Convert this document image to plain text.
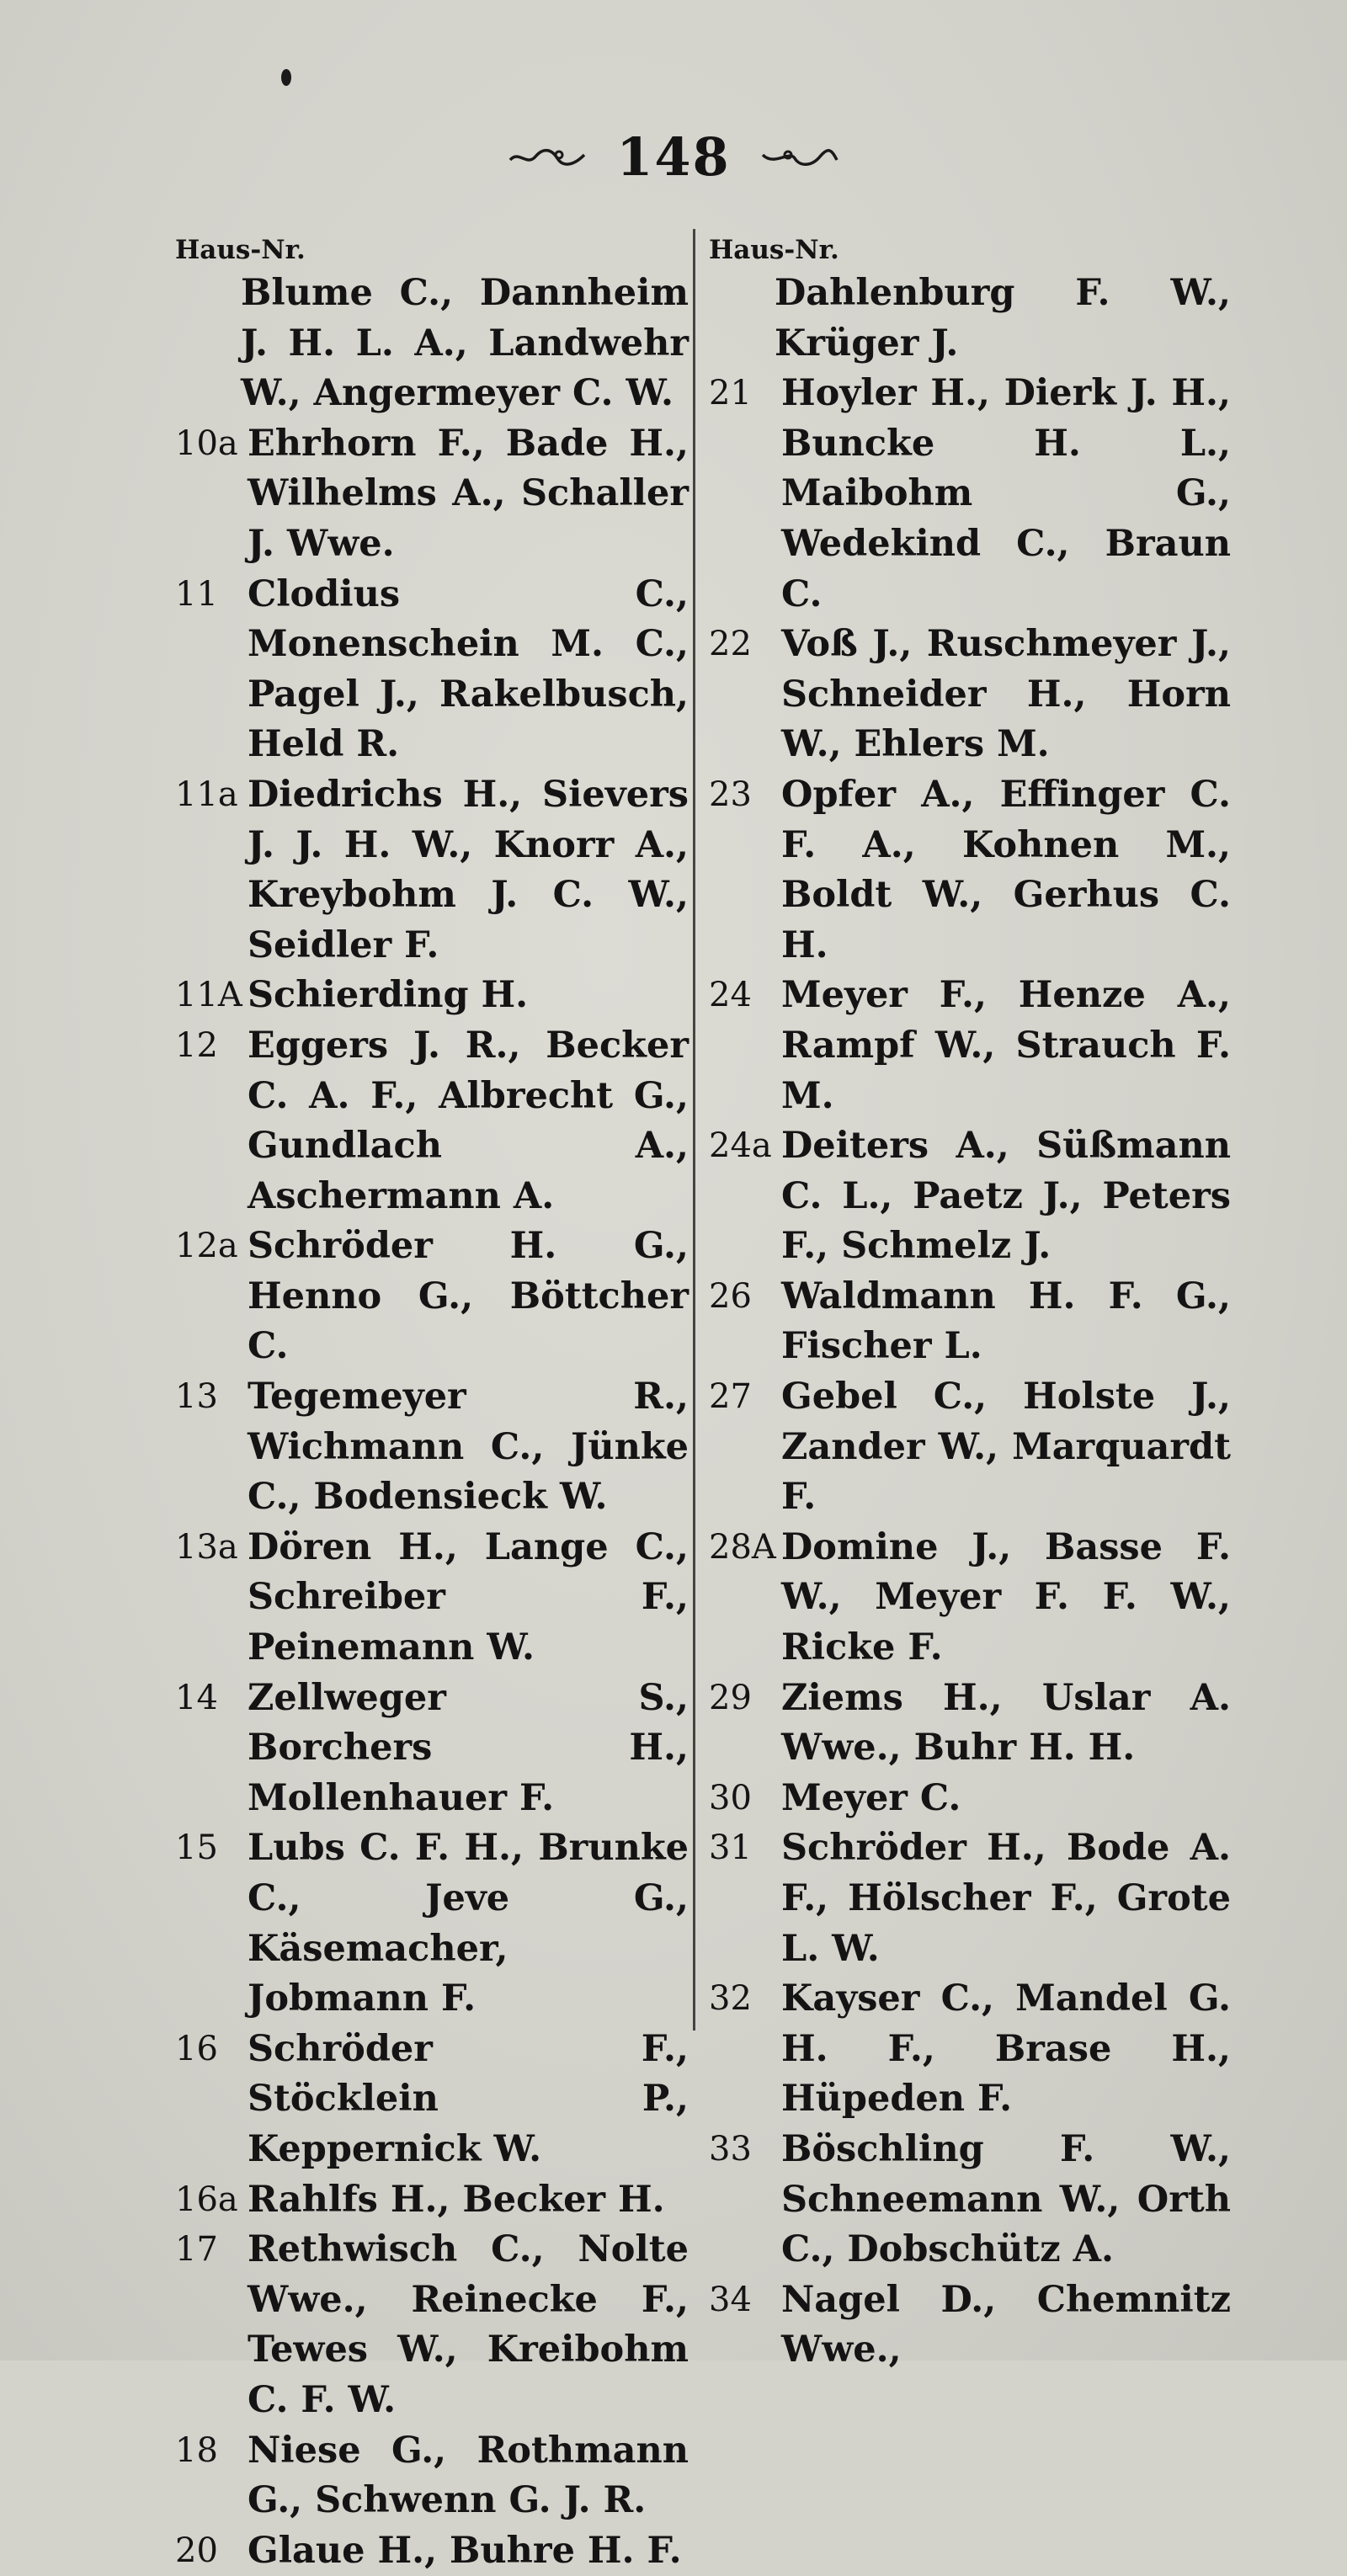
148
Haus-Nr.
Blume C., Dannheim J. H. L. A., Landwehr W., Angermeyer C. W.
10a Ehrhorn F., Bade H., Wilhelms A., Schaller J. Wwe.
11 Clodius C., Monenschein M. C., Pagel J., Rakelbusch, Held R.
11a Diedrichs H., Sievers J. J. H. W., Knorr A., Kreybohm J. C. W., Seidler F.
11A Schierding H.
12 Eggers J. R., Becker C. A. F., Albrecht G., Gundlach A., Aschermann A.
12a Schröder H. G., Henno G., Böttcher C.
13 Tegemeyer R., Wichmann C., Jünke C., Bodensieck W.
13a Dören H., Lange C., Schreiber F., Peinemann W.
14 Zellweger S., Borchers H., Mollenhauer F.
15 Lubs C. F. H., Brunke C., Jeve G., Käsemacher, Jobmann F.
16 Schröder F., Stöcklein P., Keppernick W.
16a Rahlfs H., Becker H.
17 Rethwisch C., Nolte Wwe., Reinecke F., Tewes W., Kreibohm C. F. W.
18 Niese G., Rothmann G., Schwenn G. J. R.
20 Glaue H., Buhre H. F.
Haus-Nr.
Dahlenburg F. W., Krüger J.
21 Hoyler H., Dierk J. H., Buncke H. L., Maibohm G., Wedekind C., Braun C.
22 Voß J., Ruschmeyer J., Schneider H., Horn W., Ehlers M.
23 Opfer A., Effinger C. F. A., Kohnen M., Boldt W., Gerhus C. H.
24 Meyer F., Henze A., Rampf W., Strauch F. M.
24a Deiters A., Süßmann C. L., Paetz J., Peters F., Schmelz J.
26 Waldmann H. F. G., Fischer L.
27 Gebel C., Holste J., Zander W., Marquardt F.
28A Domine J., Basse F. W., Meyer F. F. W., Ricke F.
29 Ziems H., Uslar A. Wwe., Buhr H. H.
30 Meyer C.
31 Schröder H., Bode A. F., Hölscher F., Grote L. W.
32 Kayser C., Mandel G. H. F., Brase H., Hüpeden F.
33 Böschling F. W., Schneemann W., Orth C., Dobschütz A.
34 Nagel D., Chemnitz Wwe.,
